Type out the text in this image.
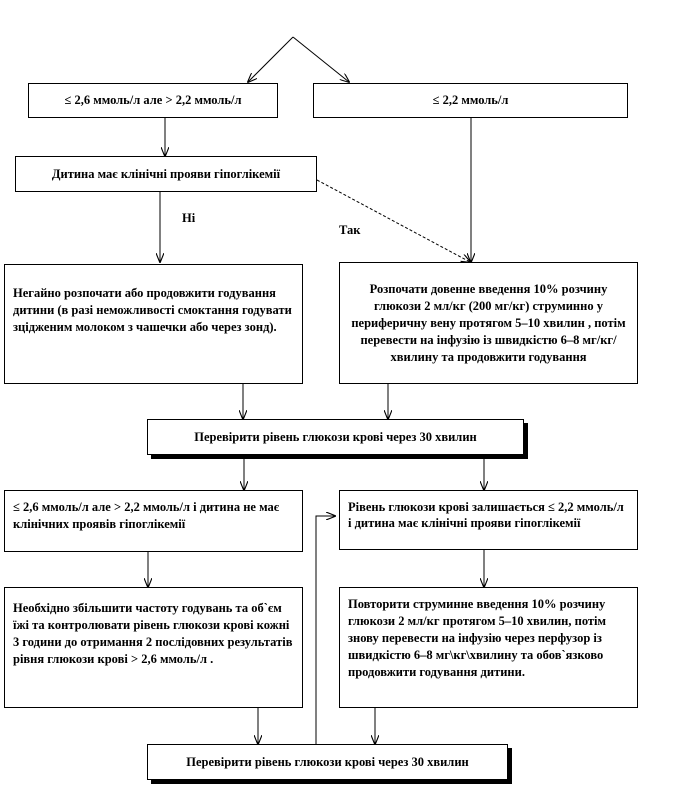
≤ 2,6 ммоль/л але > 2,2 ммоль/л	≤ 2,2 ммоль/л
Дитина має клінічні прояви гіпоглікемії
Ні
Так
Негайно розпочати або продовжити годування дитини (в разі неможливості смоктання годувати зцідженим молоком з чашечки або через зонд).
Розпочати довенне введення 10% розчину глюкози 2 мл/кг (200 мг/кг) струминно у периферичну вену протягом 5–10 хвилин , потім перевести на інфузію із швидкістю 6–8 мг/кг/хвилину та продовжити годування
Перевірити рівень глюкози крові через 30 хвилин
≤ 2,6 ммоль/л але > 2,2 ммоль/л і дитина не має клінічних проявів гіпоглікемії
Рівень глюкози крові залишається ≤ 2,2 ммоль/л і дитина має клінічні прояви гіпоглікемії
Необхідно збільшити частоту годувань та об`єм їжі та контролювати рівень глюкози крові кожні 3 години до отримання 2 послідовних результатів рівня глюкози крові > 2,6 ммоль/л .
Повторити струминне введення 10% розчину глюкози 2 мл/кг протягом 5–10 хвилин, потім знову перевести на інфузію через перфузор із швидкістю 6–8 мг\кг\хвилину та обов`язково продовжити годування дитини.
Перевірити рівень глюкози крові через 30 хвилин
